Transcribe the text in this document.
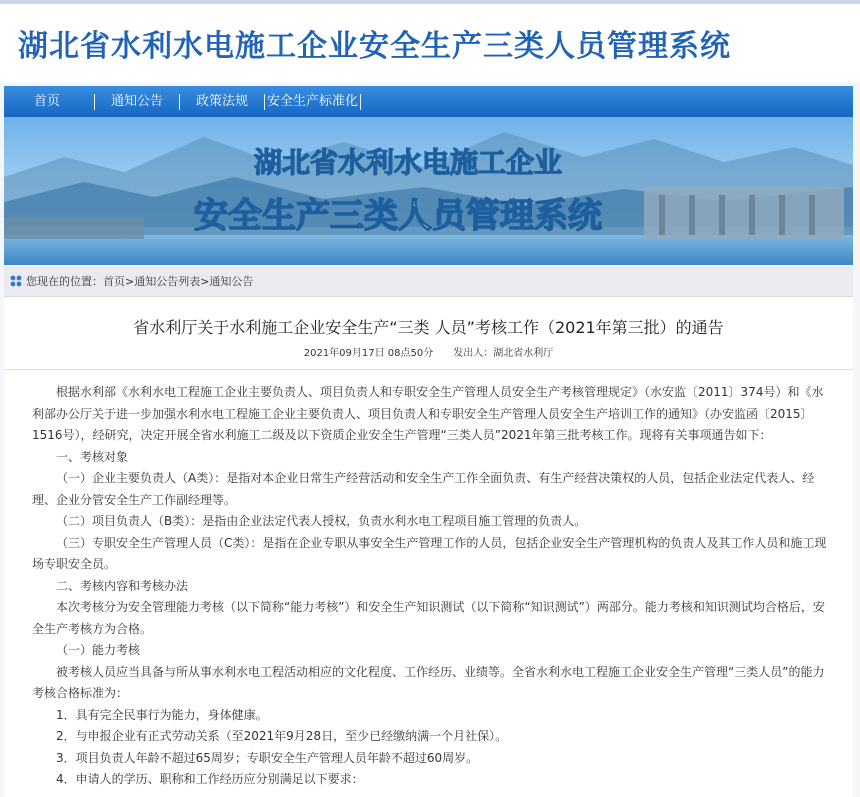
湖北省水利水电施工企业安全生产三类人员管理系统
首页	通知公告	政策法规	安全生产标准化
湖北省水利水电施工企业
安全生产三类人员管理系统
您现在的位置： 首页>通知公告列表>通知公告
省水利厅关于水利施工企业安全生产“三类 人员”考核工作（2021年第三批）的通告
2021年09月17日 08点50分 发出人：湖北省水利厅

根据水利部《水利水电工程施工企业主要负责人、项目负责人和专职安全生产管理人员安全生产考核管理规定》（水安监〔2011〕374号）和《水利部办公厅关于进一步加强水利水电工程施工企业主要负责人、项目负责人和专职安全生产管理人员安全生产培训工作的通知》（办安监函〔2015〕1516号），经研究，决定开展全省水利施工二级及以下资质企业安全生产管理“三类人员”2021年第三批考核工作。现将有关事项通告如下：

一、考核对象

（一）企业主要负责人（A类）：是指对本企业日常生产经营活动和安全生产工作全面负责、有生产经营决策权的人员，包括企业法定代表人、经理、企业分管安全生产工作副经理等。

（二）项目负责人（B类）：是指由企业法定代表人授权，负责水利水电工程项目施工管理的负责人。

（三）专职安全生产管理人员（C类）：是指在企业专职从事安全生产管理工作的人员，包括企业安全生产管理机构的负责人及其工作人员和施工现场专职安全员。

二、考核内容和考核办法

本次考核分为安全管理能力考核（以下简称“能力考核”）和安全生产知识测试（以下简称“知识测试”）两部分。能力考核和知识测试均合格后，安全生产考核方为合格。

（一）能力考核

被考核人员应当具备与所从事水利水电工程活动相应的文化程度、工作经历、业绩等。全省水利水电工程施工企业安全生产管理“三类人员”的能力考核合格标准为：

1．具有完全民事行为能力，身体健康。

2．与申报企业有正式劳动关系（至2021年9月28日，至少已经缴纳满一个月社保）。

3．项目负责人年龄不超过65周岁；专职安全生产管理人员年龄不超过60周岁。

4．申请人的学历、职称和工作经历应分别满足以下要求：
